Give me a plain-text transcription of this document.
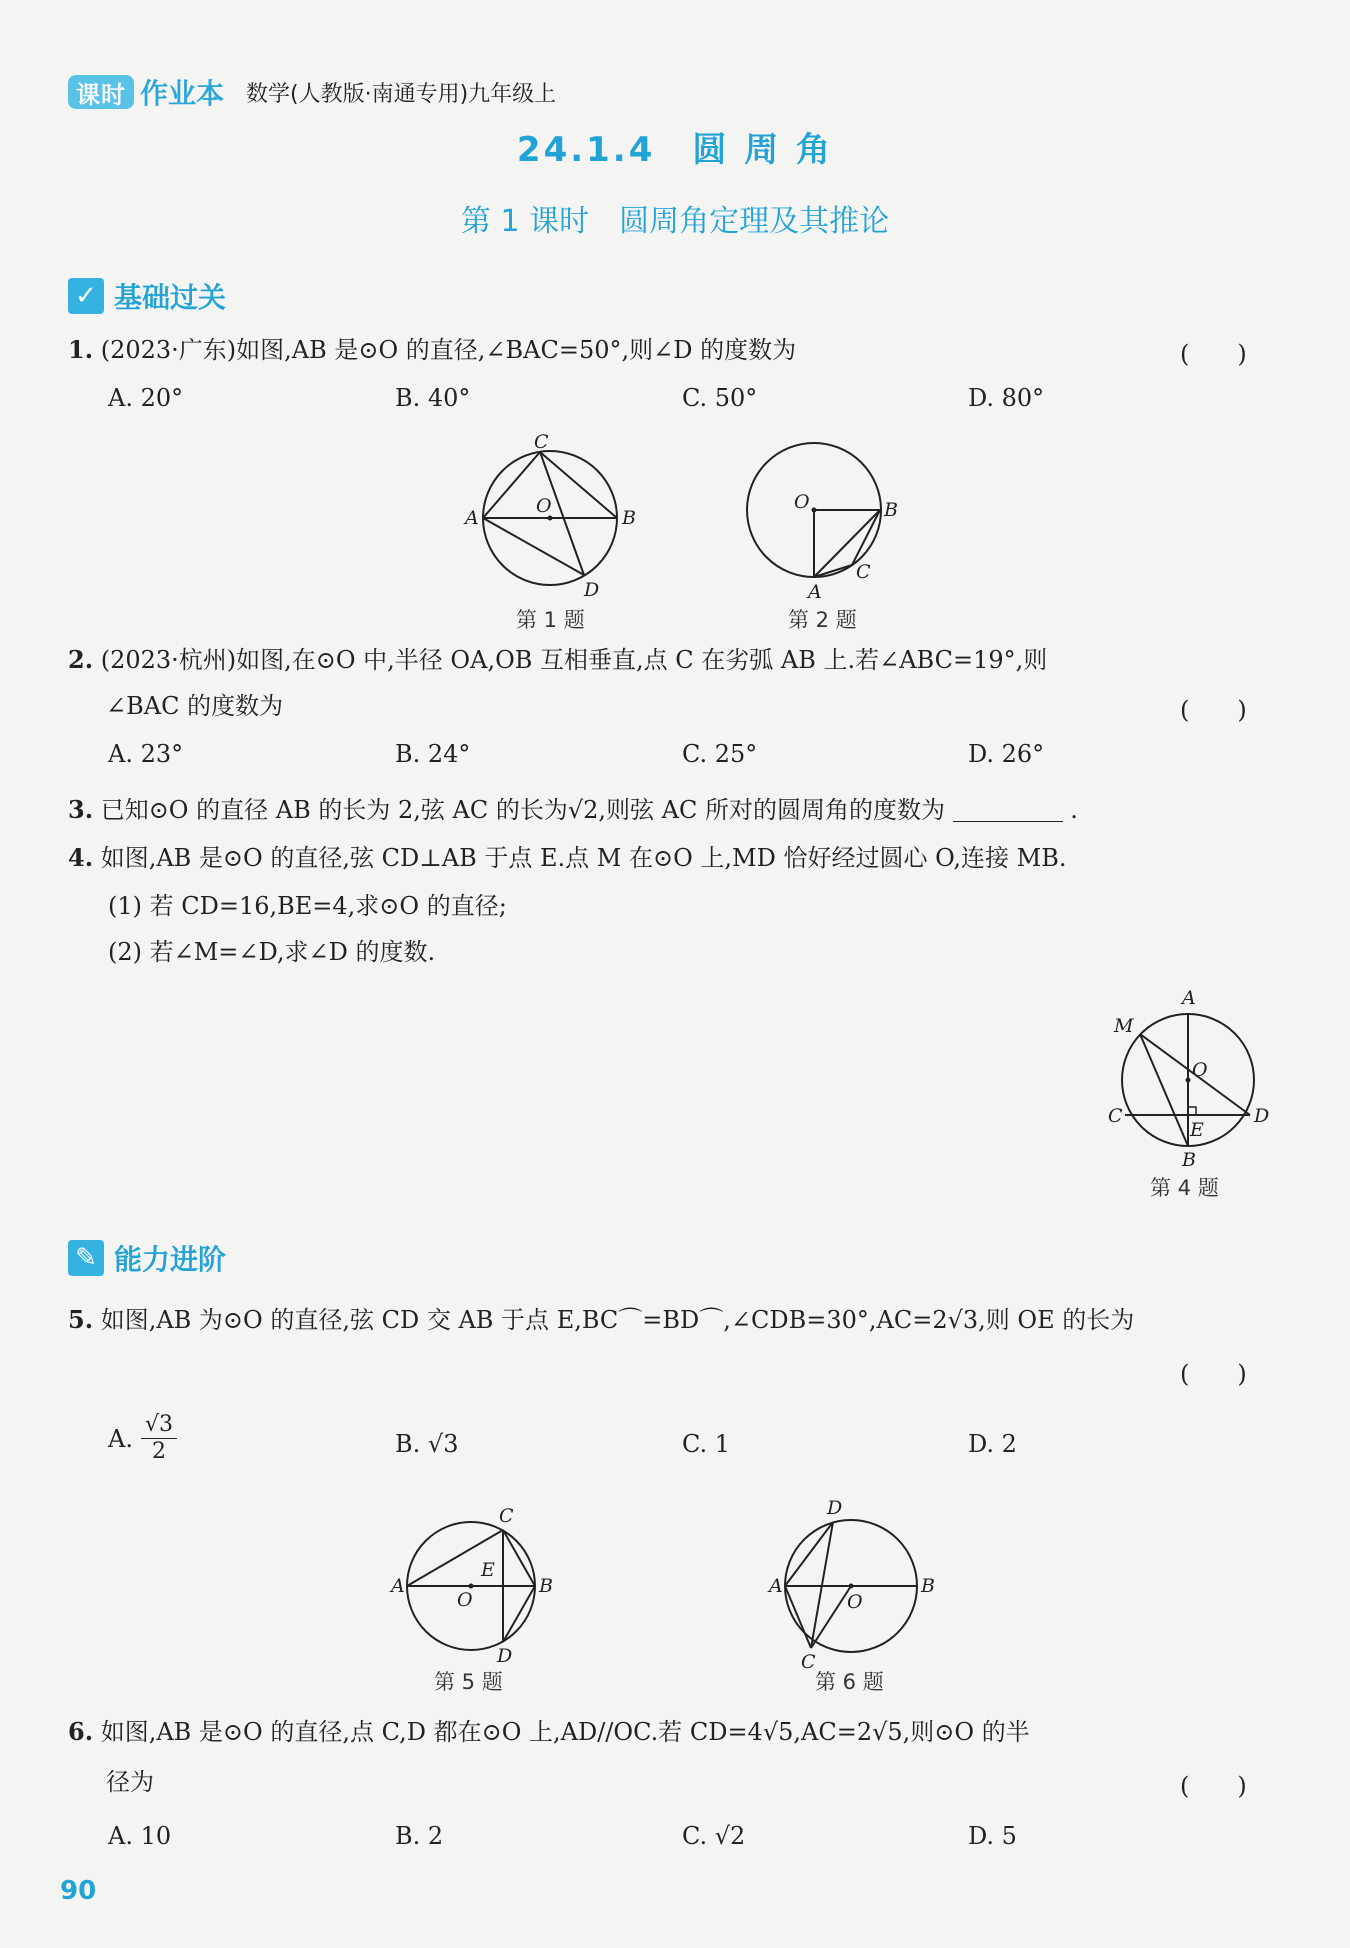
课时 作业本 数学(人教版·南通专用)九年级上
24.1.4　圆 周 角
第 1 课时　圆周角定理及其推论
✓ 基础过关
1. (2023·广东)如图,AB 是⊙O 的直径,∠BAC=50°,则∠D 的度数为	(　　)
A. 20°	B. 40°	C. 50°	D. 80°
C
A	B
O
D
第 1 题
O	B
C
A
第 2 题
2. (2023·杭州)如图,在⊙O 中,半径 OA,OB 互相垂直,点 C 在劣弧 AB 上.若∠ABC=19°,则
∠BAC 的度数为	(　　)
A. 23°	B. 24°	C. 25°	D. 26°
3. 已知⊙O 的直径 AB 的长为 2,弦 AC 的长为√2,则弦 AC 所对的圆周角的度数为	.
4. 如图,AB 是⊙O 的直径,弦 CD⊥AB 于点 E.点 M 在⊙O 上,MD 恰好经过圆心 O,连接 MB.
(1) 若 CD=16,BE=4,求⊙O 的直径;
(2) 若∠M=∠D,求∠D 的度数.
A
M
O
C	D
E
B
第 4 题
✎ 能力进阶
5. 如图,AB 为⊙O 的直径,弦 CD 交 AB 于点 E,BC⌒=BD⌒,∠CDB=30°,AC=2√3,则 OE 的长为
(　　)
A. $\frac{√3}{2}$	B. √3	C. 1	D. 2
C
A	B
E
O
D
第 5 题
D
A	B
O
C
第 6 题
6. 如图,AB 是⊙O 的直径,点 C,D 都在⊙O 上,AD//OC.若 CD=4√5,AC=2√5,则⊙O 的半
径为	(　　)
A. 10	B. 2	C. √2	D. 5
90
